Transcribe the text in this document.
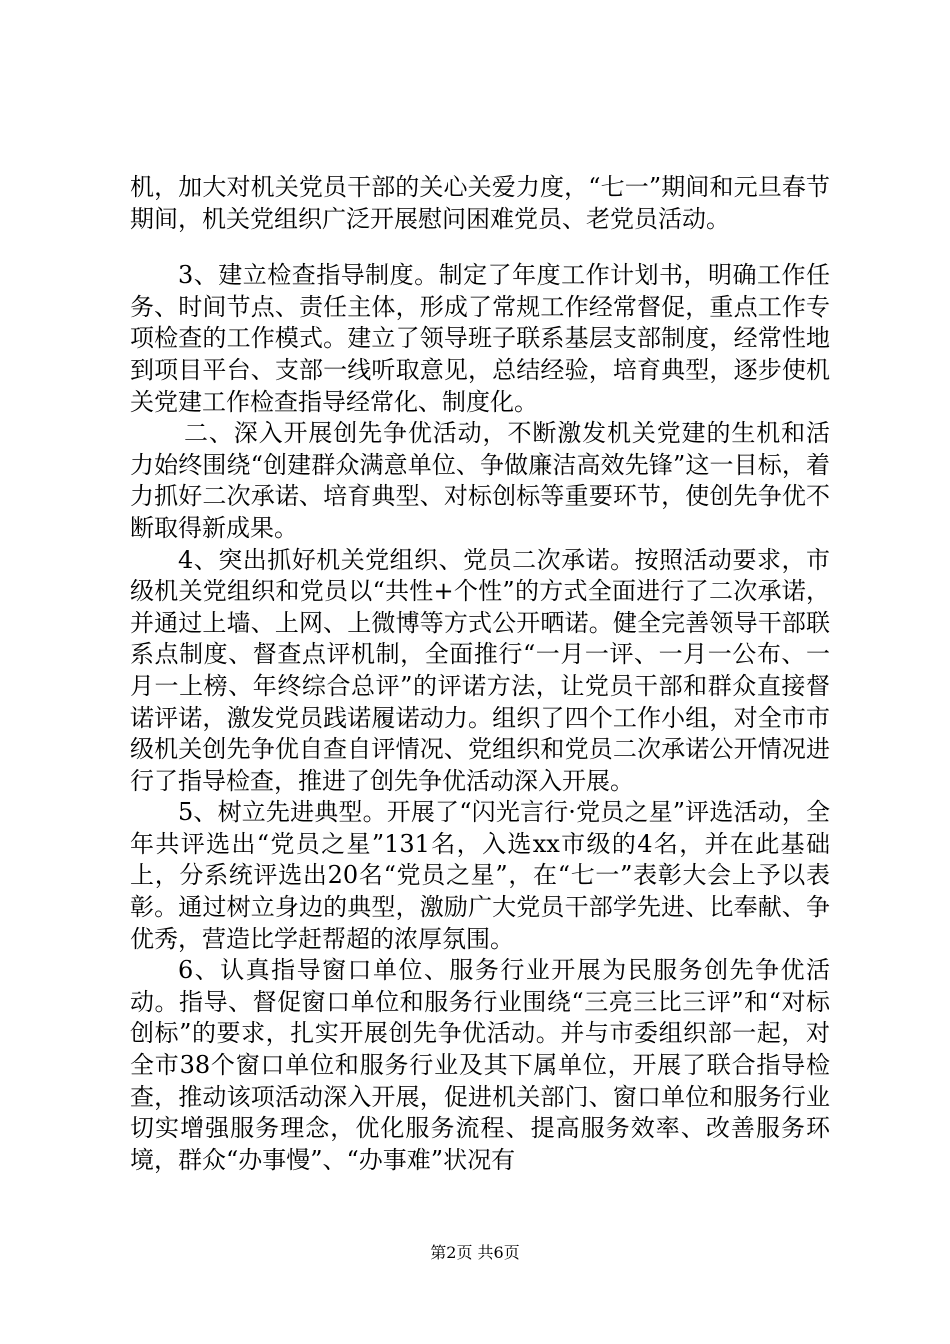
机，加大对机关党员干部的关心关爱力度，“七一”期间和元旦春节期间，机关党组织广泛开展慰问困难党员、老党员活动。

3、建立检查指导制度。制定了年度工作计划书，明确工作任务、时间节点、责任主体，形成了常规工作经常督促，重点工作专项检查的工作模式。建立了领导班子联系基层支部制度，经常性地到项目平台、支部一线听取意见，总结经验，培育典型，逐步使机关党建工作检查指导经常化、制度化。

二、深入开展创先争优活动，不断激发机关党建的生机和活力始终围绕“创建群众满意单位、争做廉洁高效先锋”这一目标，着力抓好二次承诺、培育典型、对标创标等重要环节，使创先争优不断取得新成果。

4、突出抓好机关党组织、党员二次承诺。按照活动要求，市级机关党组织和党员以“共性+个性”的方式全面进行了二次承诺，并通过上墙、上网、上微博等方式公开晒诺。健全完善领导干部联系点制度、督查点评机制，全面推行“一月一评、一月一公布、一月一上榜、年终综合总评”的评诺方法，让党员干部和群众直接督诺评诺，激发党员践诺履诺动力。组织了四个工作小组，对全市市级机关创先争优自查自评情况、党组织和党员二次承诺公开情况进行了指导检查，推进了创先争优活动深入开展。

5、树立先进典型。开展了“闪光言行·党员之星”评选活动，全年共评选出“党员之星”131名，入选xx市级的4名，并在此基础上，分系统评选出20名“党员之星”，在“七一”表彰大会上予以表彰。通过树立身边的典型，激励广大党员干部学先进、比奉献、争优秀，营造比学赶帮超的浓厚氛围。

6、认真指导窗口单位、服务行业开展为民服务创先争优活动。指导、督促窗口单位和服务行业围绕“三亮三比三评”和“对标创标”的要求，扎实开展创先争优活动。并与市委组织部一起，对全市38个窗口单位和服务行业及其下属单位，开展了联合指导检查，推动该项活动深入开展，促进机关部门、窗口单位和服务行业切实增强服务理念，优化服务流程、提高服务效率、改善服务环境，群众“办事慢”、“办事难”状况有

第2页 共6页
